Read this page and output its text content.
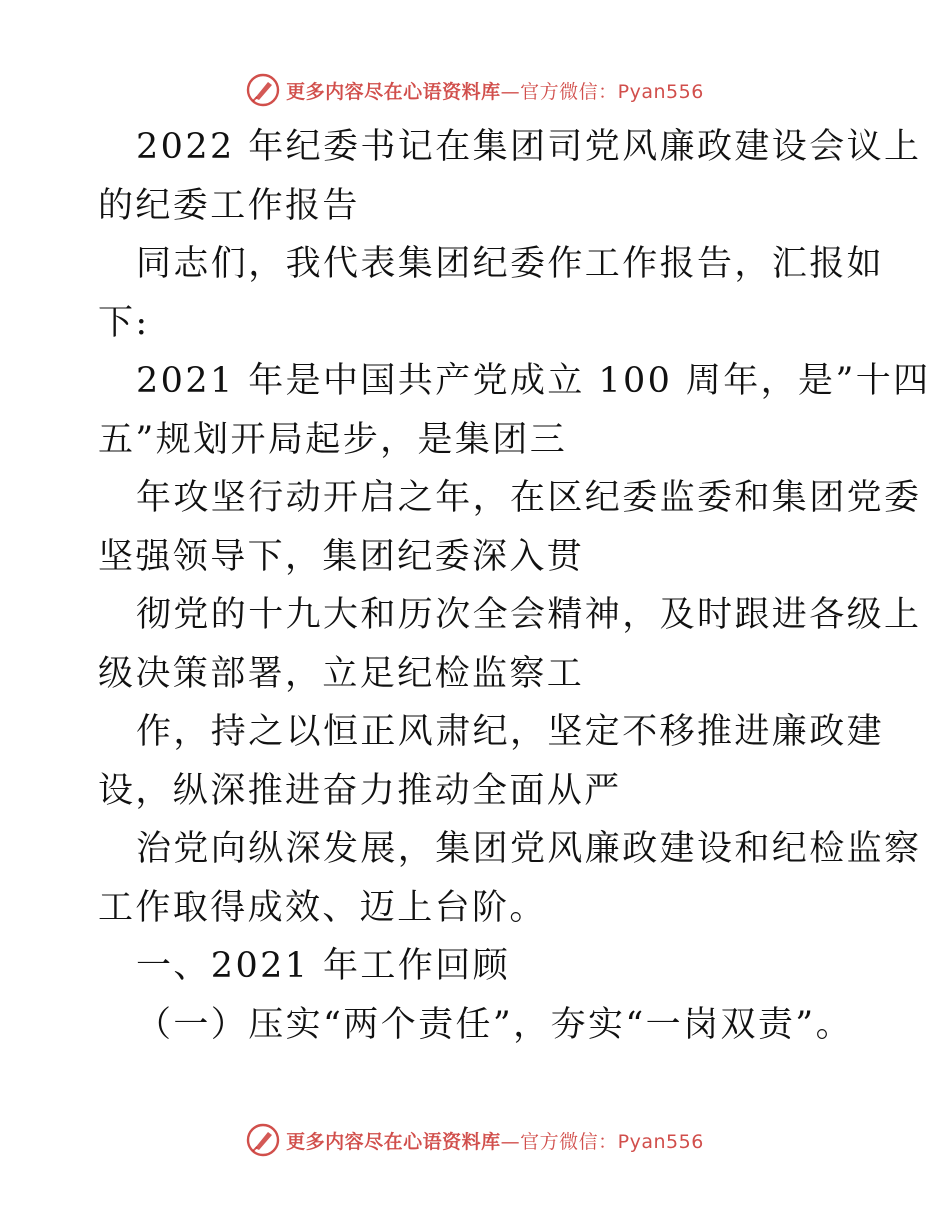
更多内容尽在心语资料库—官方微信：Pyan556
2022 年纪委书记在集团司党风廉政建设会议上
的纪委工作报告
同志们，我代表集团纪委作工作报告，汇报如
下:
2021 年是中国共产党成立 100 周年，是”十四
五”规划开局起步，是集团三
年攻坚行动开启之年，在区纪委监委和集团党委
坚强领导下，集团纪委深入贯
彻党的十九大和历次全会精神，及时跟进各级上
级决策部署，立足纪检监察工
作，持之以恒正风肃纪，坚定不移推进廉政建
设，纵深推进奋力推动全面从严
治党向纵深发展，集团党风廉政建设和纪检监察
工作取得成效、迈上台阶。
一、2021 年工作回顾
（一）压实“两个责任”，夯实“一岗双责”。
更多内容尽在心语资料库—官方微信：Pyan556
